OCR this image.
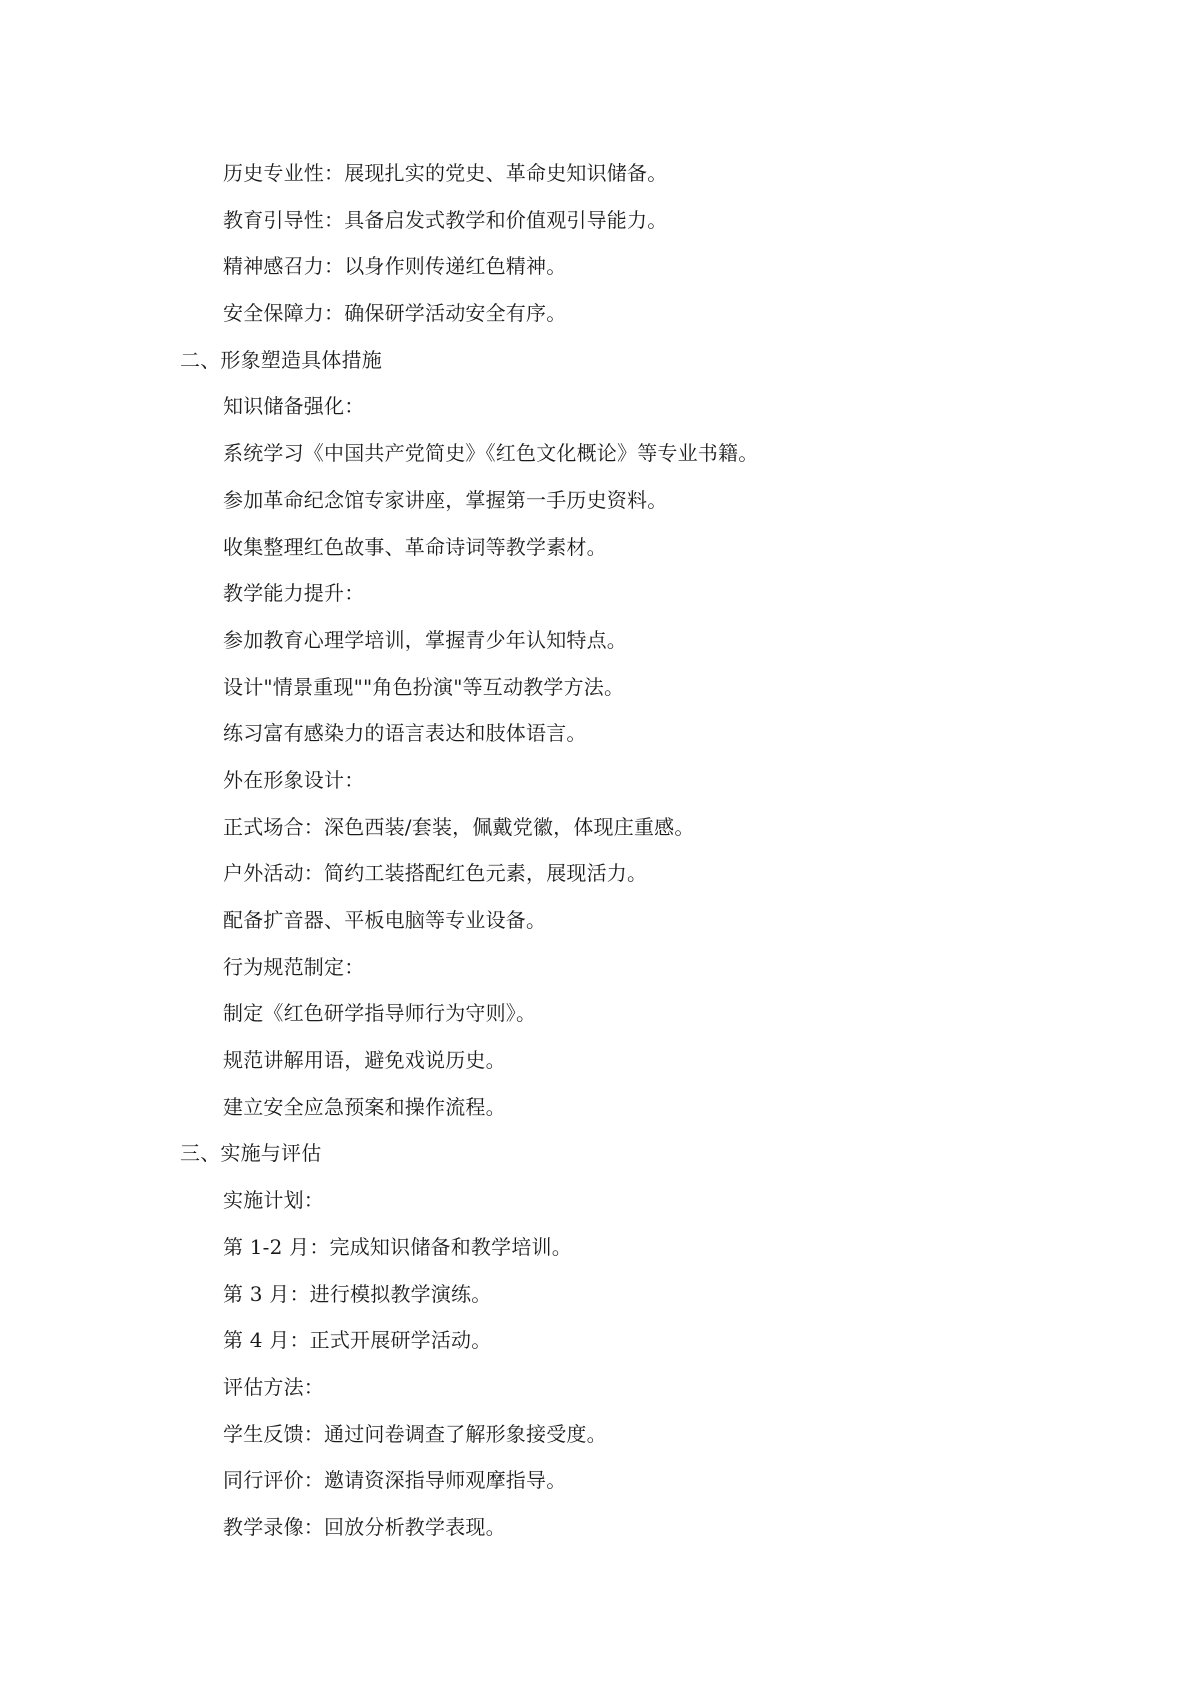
历史专业性：展现扎实的党史、革命史知识储备。
教育引导性：具备启发式教学和价值观引导能力。
精神感召力：以身作则传递红色精神。
安全保障力：确保研学活动安全有序。
二、形象塑造具体措施
知识储备强化：
系统学习《中国共产党简史》《红色文化概论》等专业书籍。
参加革命纪念馆专家讲座，掌握第一手历史资料。
收集整理红色故事、革命诗词等教学素材。
教学能力提升：
参加教育心理学培训，掌握青少年认知特点。
设计"情景重现""角色扮演"等互动教学方法。
练习富有感染力的语言表达和肢体语言。
外在形象设计：
正式场合：深色西装/套装，佩戴党徽，体现庄重感。
户外活动：简约工装搭配红色元素，展现活力。
配备扩音器、平板电脑等专业设备。
行为规范制定：
制定《红色研学指导师行为守则》。
规范讲解用语，避免戏说历史。
建立安全应急预案和操作流程。
三、实施与评估
实施计划：
第 1-2 月：完成知识储备和教学培训。
第 3 月：进行模拟教学演练。
第 4 月：正式开展研学活动。
评估方法：
学生反馈：通过问卷调查了解形象接受度。
同行评价：邀请资深指导师观摩指导。
教学录像：回放分析教学表现。
